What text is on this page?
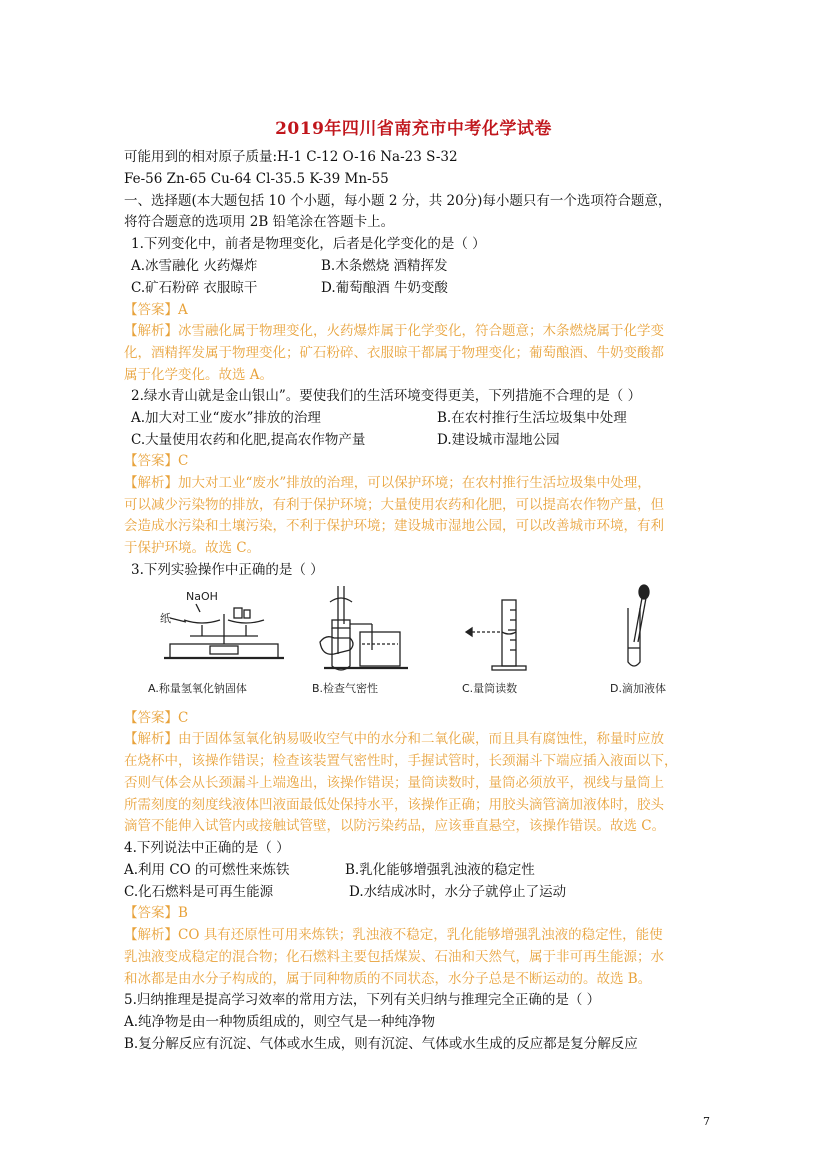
2019年四川省南充市中考化学试卷
可能用到的相对原子质量:H-1 C-12 O-16 Na-23 S-32
Fe-56 Zn-65 Cu-64 Cl-35.5 K-39 Mn-55
一、选择题(本大题包括 10 个小题，每小题 2 分，共 20分)每小题只有一个选项符合题意，
将符合题意的选项用 2B 铅笔涂在答题卡上。
1.下列变化中，前者是物理变化，后者是化学变化的是（ ）
A.冰雪融化 火药爆炸	B.木条燃烧 酒精挥发
C.矿石粉碎 衣服晾干	D.葡萄酿酒 牛奶变酸
【答案】A
【解析】冰雪融化属于物理变化，火药爆炸属于化学变化，符合题意；木条燃烧属于化学变
化，酒精挥发属于物理变化；矿石粉碎、衣服晾干都属于物理变化；葡萄酿酒、牛奶变酸都
属于化学变化。故选 A。
2.绿水青山就是金山银山”。要使我们的生活环境变得更美，下列措施不合理的是（ ）
A.加大对工业“废水”排放的治理	B.在农村推行生活垃圾集中处理
C.大量使用农药和化肥,提高农作物产量	D.建设城市湿地公园
【答案】C
【解析】加大对工业“废水”排放的治理，可以保护环境；在农村推行生活垃圾集中处理，
可以减少污染物的排放，有利于保护环境；大量使用农药和化肥，可以提高农作物产量，但
会造成水污染和土壤污染，不利于保护环境；建设城市湿地公园，可以改善城市环境，有利
于保护环境。故选 C。
3.下列实验操作中正确的是（ ）
NaOH
纸
A.称量氢氧化钠固体	B.检查气密性	C.量筒读数	D.滴加液体
【答案】C
【解析】由于固体氢氧化钠易吸收空气中的水分和二氧化碳，而且具有腐蚀性，称量时应放
在烧杯中，该操作错误；检查该装置气密性时，手握试管时，长颈漏斗下端应插入液面以下，
否则气体会从长颈漏斗上端逸出，该操作错误；量筒读数时，量筒必须放平，视线与量筒上
所需刻度的刻度线液体凹液面最低处保持水平，该操作正确；用胶头滴管滴加液体时，胶头
滴管不能伸入试管内或接触试管壁，以防污染药品，应该垂直悬空，该操作错误。故选 C。
4.下列说法中正确的是（ ）
A.利用 CO 的可燃性来炼铁	B.乳化能够增强乳浊液的稳定性
C.化石燃料是可再生能源	D.水结成冰时，水分子就停止了运动
【答案】B
【解析】CO 具有还原性可用来炼铁；乳浊液不稳定，乳化能够增强乳浊液的稳定性，能使
乳浊液变成稳定的混合物；化石燃料主要包括煤炭、石油和天然气，属于非可再生能源；水
和冰都是由水分子构成的，属于同种物质的不同状态，水分子总是不断运动的。故选 B。
5.归纳推理是提高学习效率的常用方法，下列有关归纳与推理完全正确的是（ ）
A.纯净物是由一种物质组成的，则空气是一种纯净物
B.复分解反应有沉淀、气体或水生成，则有沉淀、气体或水生成的反应都是复分解反应
7
